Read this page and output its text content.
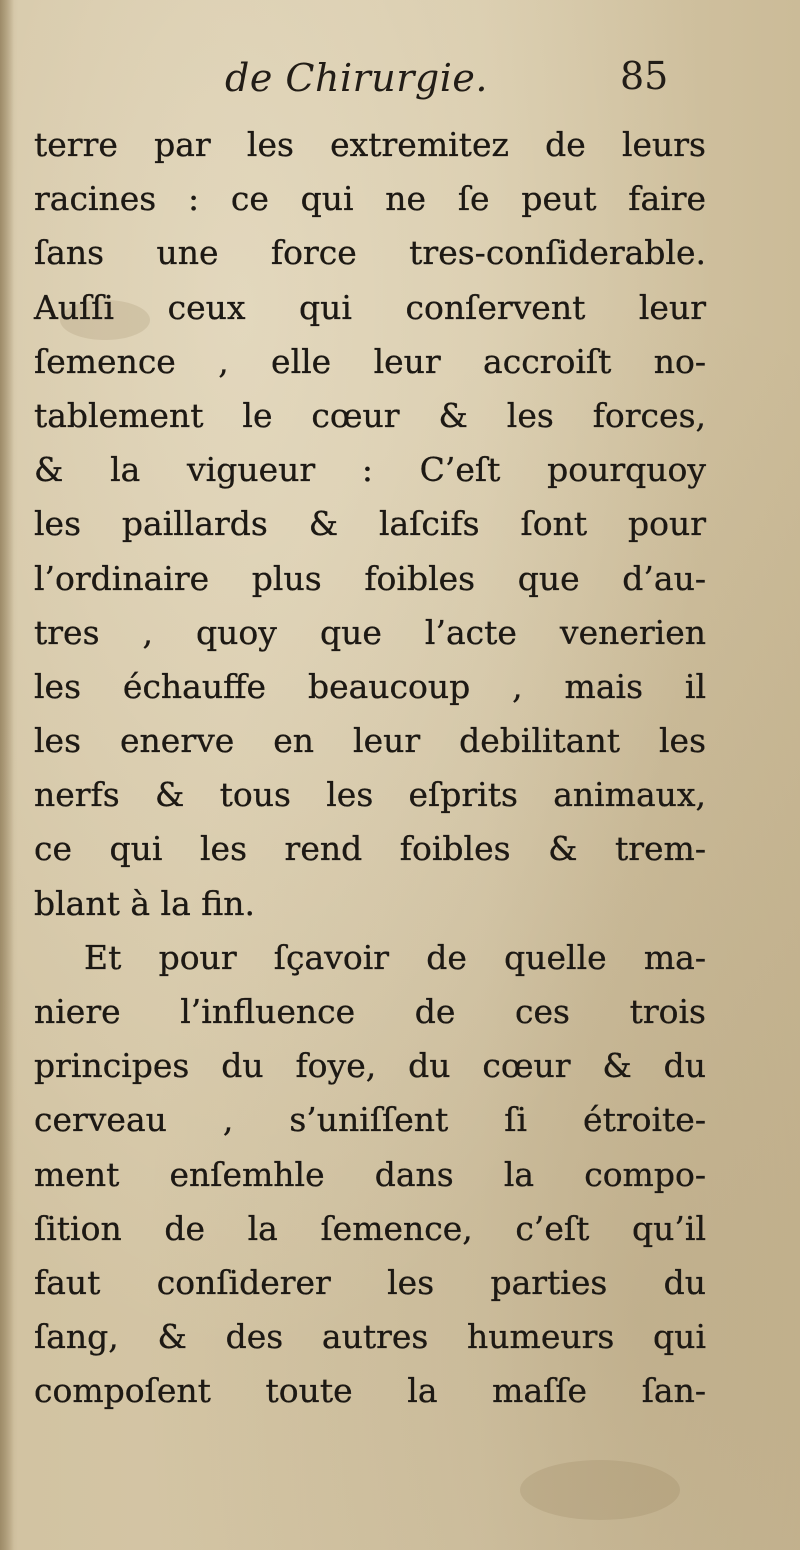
de Chirurgie.	85
terre par les extremitez de leurs
racines : ce qui ne ſe peut faire
ſans une force tres-conſiderable.
Auſſi ceux qui conſervent leur
ſemence , elle leur accroiſt no-
tablement le cœur & les forces,
& la vigueur : C’eſt pourquoy
les paillards & laſcifs ſont pour
l’ordinaire plus foibles que d’au-
tres , quoy que l’acte venerien
les échauffe beaucoup , mais il
les enerve en leur debilitant les
nerfs & tous les eſprits animaux,
ce qui les rend foibles & trem-
blant à la fin.
Et pour ſçavoir de quelle ma-
niere l’influence de ces trois
principes du foye, du cœur & du
cerveau , s’uniſſent ſi étroite-
ment enſemhle dans la compo-
ſition de la ſemence, c’eſt qu’il
faut conſiderer les parties du
ſang, & des autres humeurs qui
compoſent toute la maſſe ſan-
